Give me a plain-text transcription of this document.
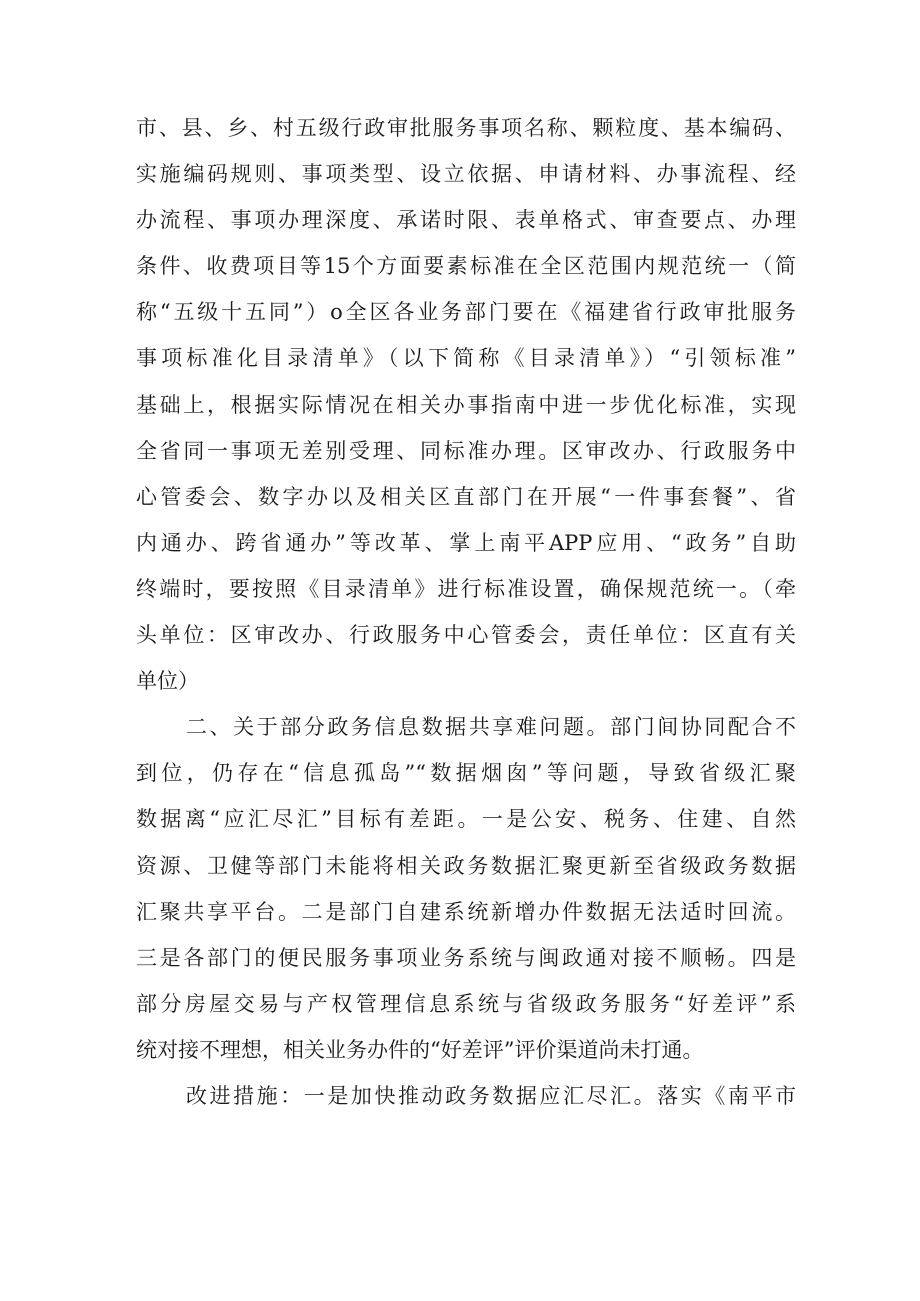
市、县、乡、村五级行政审批服务事项名称、颗粒度、基本编码、
实施编码规则、事项类型、设立依据、申请材料、办事流程、经
办流程、事项办理深度、承诺时限、表单格式、审查要点、办理
条件、收费项目等15个方面要素标准在全区范围内规范统一（简
称“五级十五同”）o全区各业务部门要在《福建省行政审批服务
事项标准化目录清单》（以下简称《目录清单》）“引领标准”
基础上，根据实际情况在相关办事指南中进一步优化标准，实现
全省同一事项无差别受理、同标准办理。区审改办、行政服务中
心管委会、数字办以及相关区直部门在开展“一件事套餐”、省
内通办、跨省通办”等改革、掌上南平APP应用、“政务”自助
终端时，要按照《目录清单》进行标准设置，确保规范统一。（牵
头单位：区审改办、行政服务中心管委会，责任单位：区直有关
单位）
二、关于部分政务信息数据共享难问题。部门间协同配合不
到位，仍存在“信息孤岛”“数据烟囱”等问题，导致省级汇聚
数据离“应汇尽汇”目标有差距。一是公安、税务、住建、自然
资源、卫健等部门未能将相关政务数据汇聚更新至省级政务数据
汇聚共享平台。二是部门自建系统新增办件数据无法适时回流。
三是各部门的便民服务事项业务系统与闽政通对接不顺畅。四是
部分房屋交易与产权管理信息系统与省级政务服务“好差评”系
统对接不理想，相关业务办件的“好差评”评价渠道尚未打通。
改进措施：一是加快推动政务数据应汇尽汇。落实《南平市
